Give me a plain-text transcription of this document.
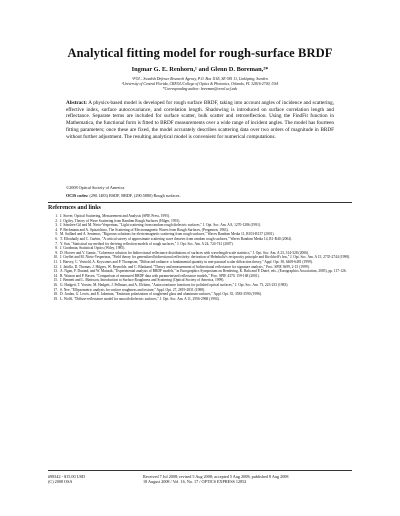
Analytical fitting model for rough-surface BRDF
Ingmar G. E. Renhorn,¹ and Glenn D. Boreman,²*
¹FOI – Swedish Defence Research Agency, P.O. Box 1165, SE-581 11, Linköping, Sweden
²University of Central Florida, CREOL/College of Optics & Photonics, Orlando, FL 32816-2700, USA
*Corresponding author: boreman@creol.ucf.edu
Abstract: A physics-based model is developed for rough surface BRDF, taking into account angles of incidence and scattering, effective index, surface autocovariance, and correlation length. Shadowing is introduced on surface correlation length and reflectance. Separate terms are included for surface scatter, bulk scatter and retroreflection. Using the FindFit function in Mathematica, the functional form is fitted to BRDF measurements over a wide range of incident angles. The model has fourteen fitting parameters; once these are fixed, the model accurately describes scattering data over two orders of magnitude in BRDF without further adjustment. The resulting analytical model is convenient for numerical computations.
©2008 Optical Society of America
OCIS codes: (290.1483) BSDF, BRDF, (290.5880) Rough surfaces.
References and links
1. J. Stover, Optical Scattering, Measurement and Analysis (SPIE Press, 1995).
2. J. Ogilvy, Theory of Wave Scattering from Random Rough Surfaces (Hilger, 1991).
3. J. Sánchez-Gil and M. Nieto-Vesperinas, "Light scattering from random rough dielectric surfaces," J. Opt. Soc. Am. A 8, 1270-1286 (1991).
4. P. Beckmann and A. Spizzichino, The Scattering of Electromagnetic Waves from Rough Surfaces, (Pergamon, 1963).
5. M. Saillard and A. Sentenac, "Rigorous solutions for electromagnetic scattering from rough surfaces," Waves Random Media 11, R103-R137 (2001).
6. T. Elfouhaily and C. Guérin, "A critical survey of approximate scattering wave theories from random rough surfaces," Waves Random Media 14, R1-R40 (2004).
7. Y. Sun, "Statistical ray method for deriving reflection models of rough surfaces," J. Opt. Soc. Am. A 24, 724-741 (2007).
8. J. Goodman, Statistical Optics (Wiley, 1985).
9. D. Hoover and V. Gamiz, "Coherence solution for bidirectional reflectance distributions of surfaces with wavelength-scale statistics," J. Opt. Soc. Am. A 23, 314-328 (2006).
10. J. Greffet and M. Nieto-Vesperinas, "Field theory for generalized bidirectional reflectivity: derivation of Helmholtz's reciprocity principle and Kirchhoff's law," J. Opt. Soc. Am. A 15, 2735-2744 (1998).
11. I. Harvey, C. Vernold, A. Krywonos and P. Thompson, "Diffracted radiance: a fundamental quantity in non-paraxial scalar diffraction theory," Appl. Opt. 38, 6469-6481 (1999).
12. J. Jafolla, D. Thomas, J. Hilgers, W. Reynolds, and C. Blasband, "Theory and measurement of bidirectional reflectance for signature analysis," Proc. SPIE 3699, 2-15 (1999).
13. A. Ngan, F. Durand, and W. Matusik, "Experimental analysis of BRDF models," in Eurographics Symposium on Rendering, K. Bala and P. Dutré, eds., (Eurographics Association, 2005), pp. 117-126.
14. R. Watson and P. Raven, "Comparison of measured BRDF data with parameterized reflectance models," Proc. SPIE 4370, 159-168 (2001).
15. J. Bennett and L. Mattsson, Introduction to Surface Roughness and Scattering (Optical Society of America, 1999).
16. G. Hadgett, T. Vorster, M. Hadgett, J. Pellmarr, and A. Ulrhärn, "Autocovariance functions for polished optical surfaces," J. Opt. Soc. Am. 73, 223-233 (1983).
17. S. Nee, "Ellipsometric analysis for surface roughness and texture," Appl. Opt. 27, 2819-2831 (1988).
18. D. Jordan, G. Lewis, and E. Jakeman, "Emission polarization of roughened glass and aluminum surfaces," Appl. Opt. 35, 3583-3590 (1996).
19. L. Wolff, "Diffuse-reflectance model for smooth dielectric surfaces," J. Opt. Soc. Am. A 11, 2956-2968 (1994).
#98342 - $15.00 USD	Received 7 Jul 2008; revised 5 Aug 2008; accepted 5 Aug 2008; published 8 Aug 2008
(C) 2008 OSA	18 August 2008 / Vol. 16, No. 17 / OPTICS EXPRESS 12852
